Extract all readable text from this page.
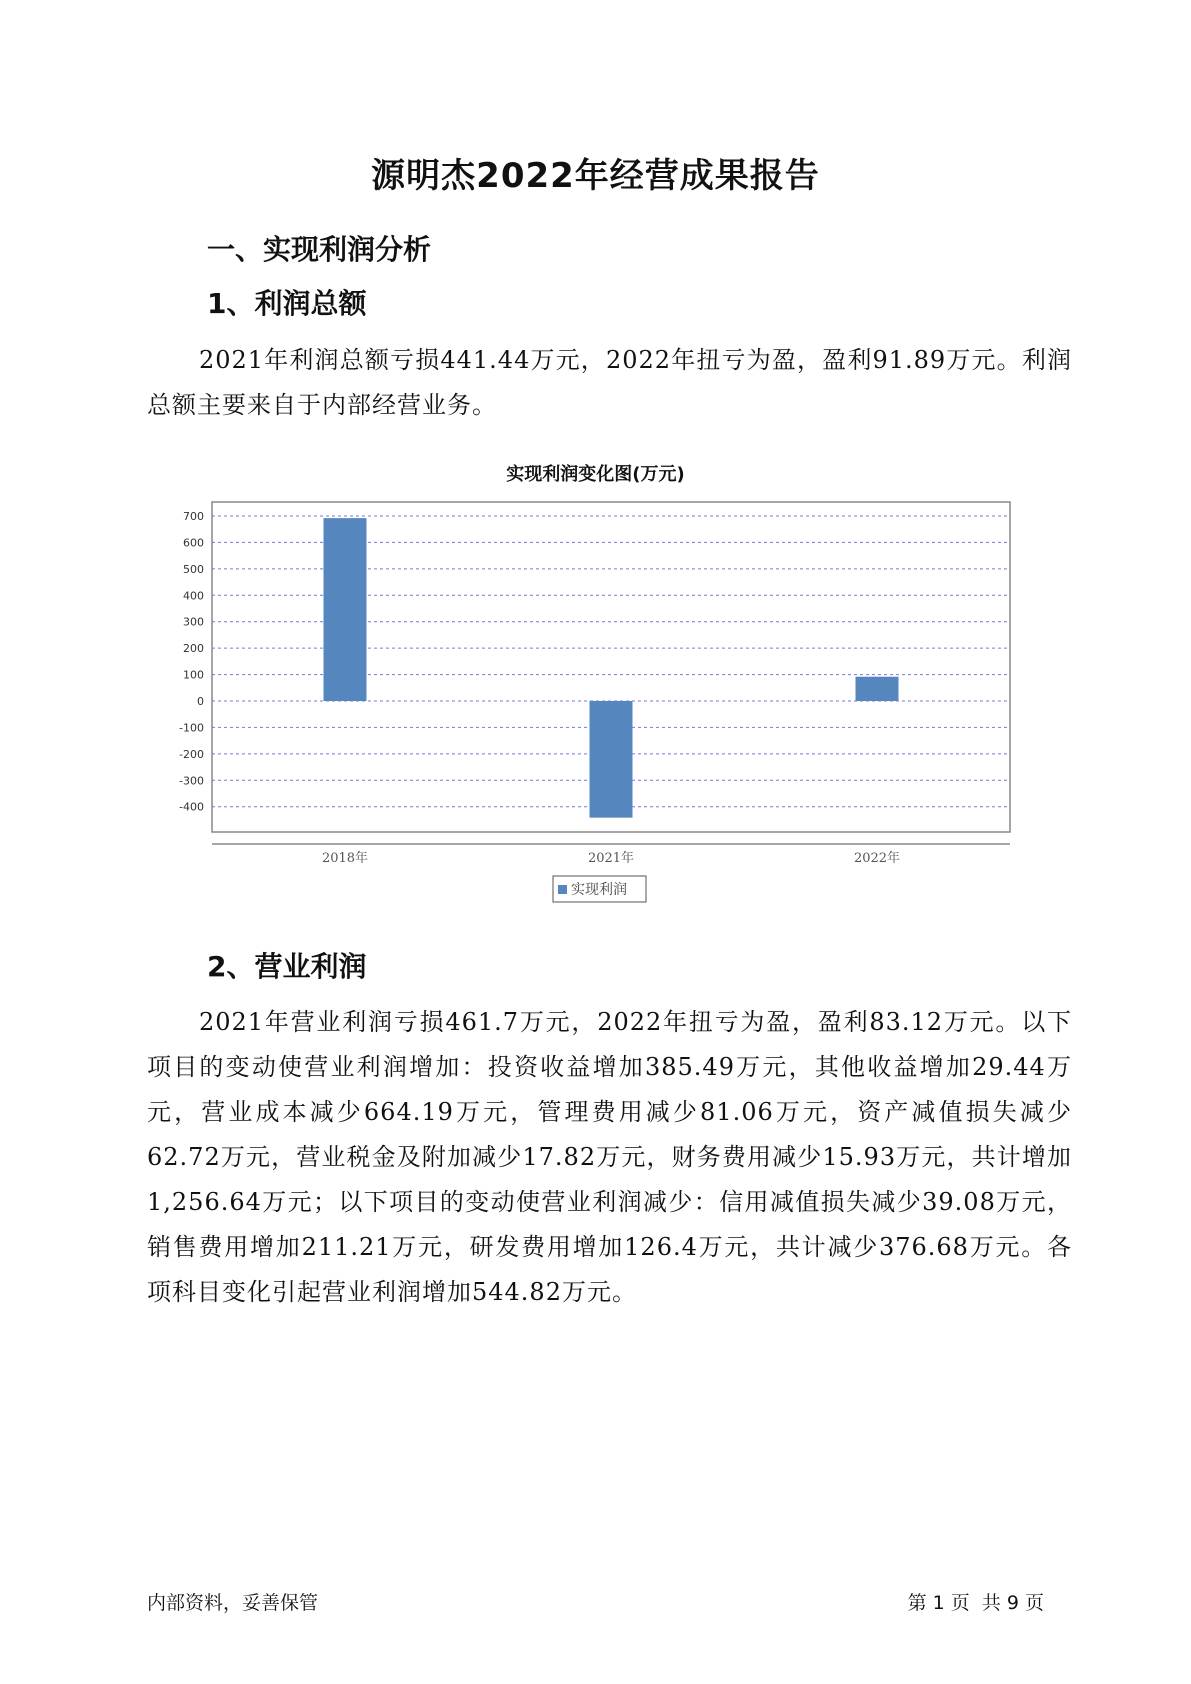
源明杰2022年经营成果报告
一、实现利润分析
1、利润总额
2021年利润总额亏损441.44万元，2022年扭亏为盈，盈利91.89万元。利润总额主要来自于内部经营业务。
实现利润变化图(万元)
700
600
500
400
300
200
100
0
-100
-200
-300
-400
2018年	2021年	2022年
实现利润
2、营业利润
2021年营业利润亏损461.7万元，2022年扭亏为盈，盈利83.12万元。以下项目的变动使营业利润增加：投资收益增加385.49万元，其他收益增加29.44万元，营业成本减少664.19万元，管理费用减少81.06万元，资产减值损失减少62.72万元，营业税金及附加减少17.82万元，财务费用减少15.93万元，共计增加1,256.64万元；以下项目的变动使营业利润减少：信用减值损失减少39.08万元，销售费用增加211.21万元，研发费用增加126.4万元，共计减少376.68万元。各项科目变化引起营业利润增加544.82万元。
内部资料，妥善保管	第 1 页  共 9 页
